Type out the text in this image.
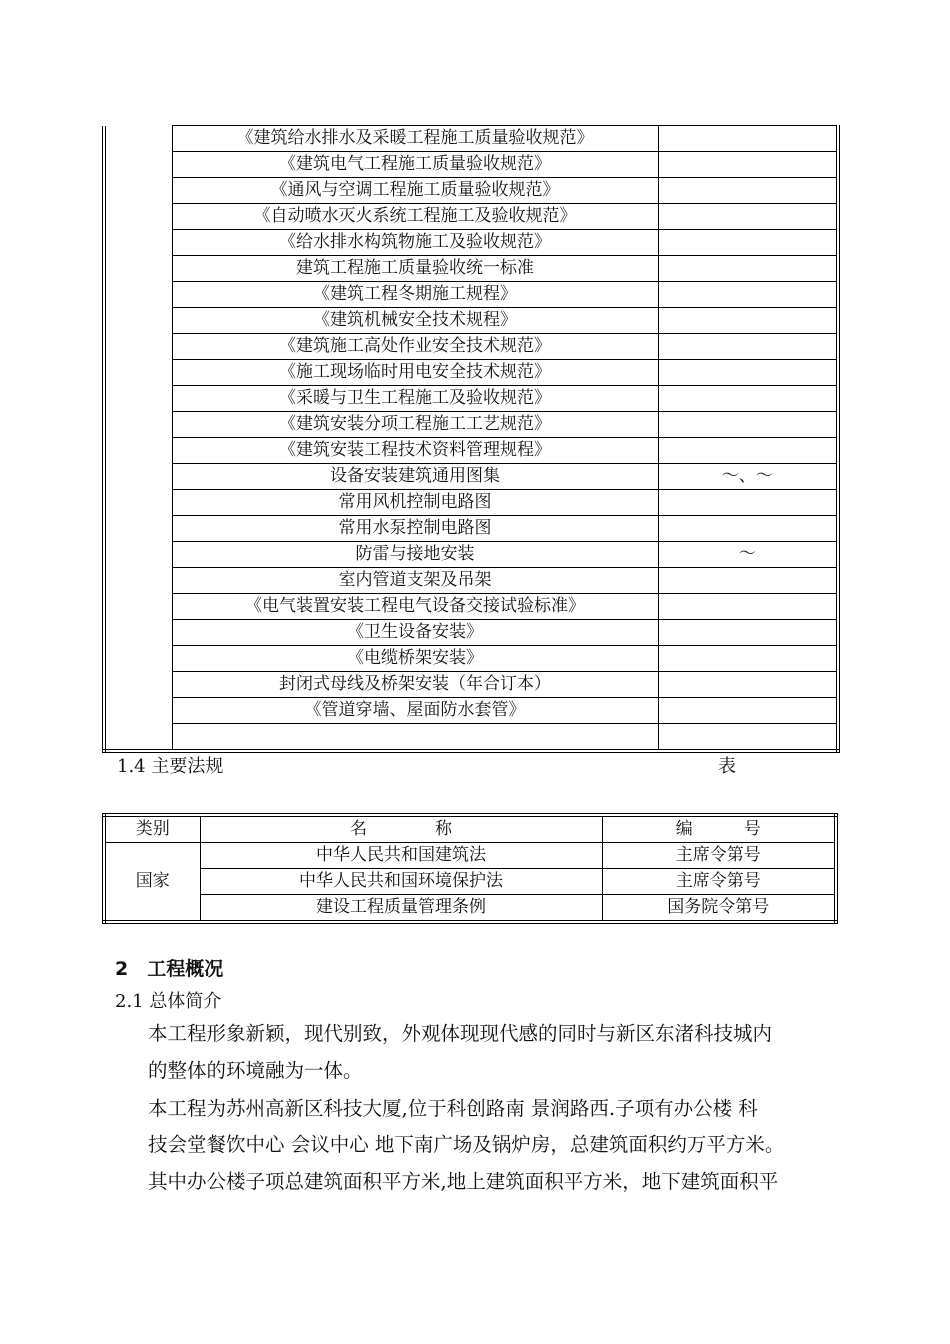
	《建筑给水排水及采暖工程施工质量验收规范》	
	《建筑电气工程施工质量验收规范》	
	《通风与空调工程施工质量验收规范》	
	《自动喷水灭火系统工程施工及验收规范》	
	《给水排水构筑物施工及验收规范》	
	建筑工程施工质量验收统一标准	
	《建筑工程冬期施工规程》	
	《建筑机械安全技术规程》	
	《建筑施工高处作业安全技术规范》	
	《施工现场临时用电安全技术规范》	
	《采暖与卫生工程施工及验收规范》	
	《建筑安装分项工程施工工艺规范》	
	《建筑安装工程技术资料管理规程》	
	设备安装建筑通用图集	～、～
	常用风机控制电路图	
	常用水泵控制电路图	
	防雷与接地安装	～
	室内管道支架及吊架	
	《电气装置安装工程电气设备交接试验标准》	
	《卫生设备安装》	
	《电缆桥架安装》	
	封闭式母线及桥架安装（年合订本）	
	《管道穿墙、屋面防水套管》	

1.4 主要法规	表
类别	名　　　　称	编　　　号
国家	中华人民共和国建筑法	主席令第号
	中华人民共和国环境保护法	主席令第号
	建设工程质量管理条例	国务院令第号
2　工程概况
2.1 总体简介
本工程形象新颖，现代别致，外观体现现代感的同时与新区东渚科技城内
的整体的环境融为一体。
本工程为苏州高新区科技大厦,位于科创路南 景润路西.子项有办公楼 科
技会堂餐饮中心 会议中心 地下南广场及锅炉房，总建筑面积约万平方米。
其中办公楼子项总建筑面积平方米,地上建筑面积平方米，地下建筑面积平
